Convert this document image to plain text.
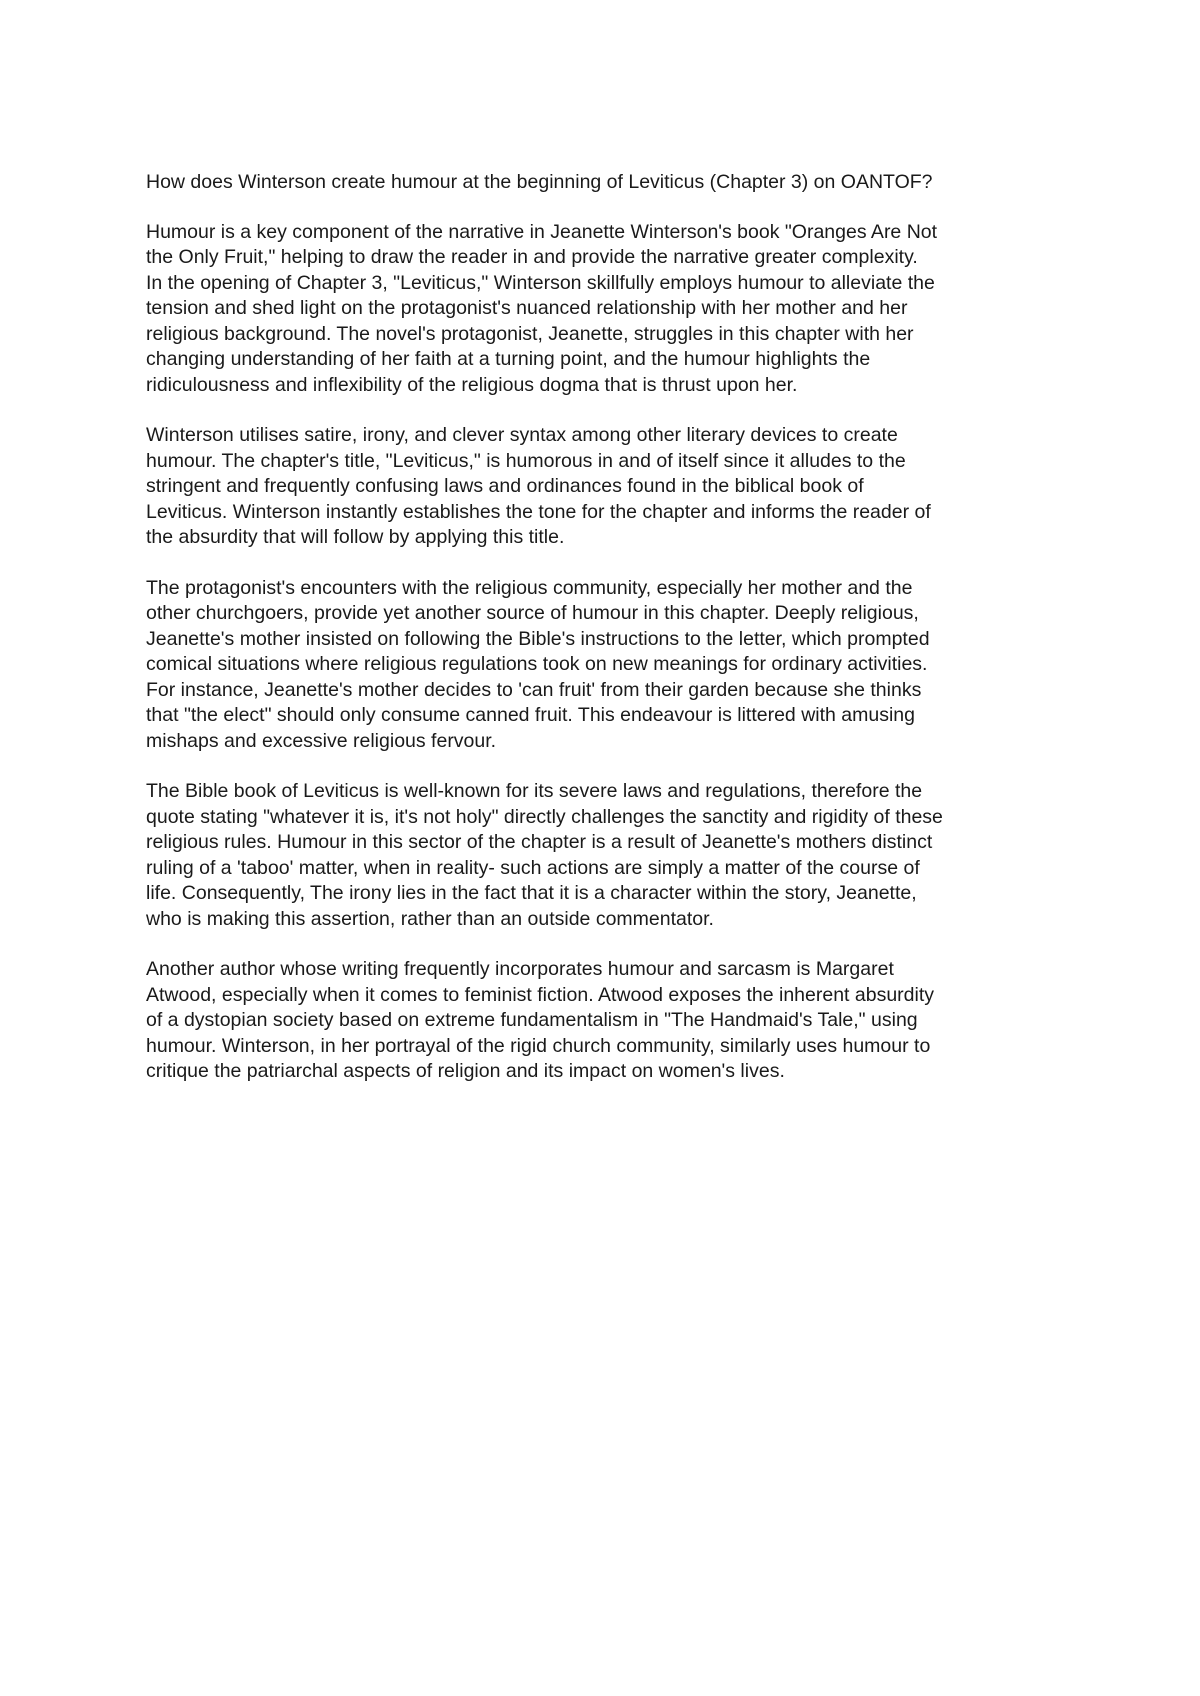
How does Winterson create humour at the beginning of Leviticus (Chapter 3) on OANTOF?

Humour is a key component of the narrative in Jeanette Winterson's book "Oranges Are Not
the Only Fruit," helping to draw the reader in and provide the narrative greater complexity.
In the opening of Chapter 3, "Leviticus," Winterson skillfully employs humour to alleviate the
tension and shed light on the protagonist's nuanced relationship with her mother and her
religious background. The novel's protagonist, Jeanette, struggles in this chapter with her
changing understanding of her faith at a turning point, and the humour highlights the
ridiculousness and inflexibility of the religious dogma that is thrust upon her.

Winterson utilises satire, irony, and clever syntax among other literary devices to create
humour. The chapter's title, "Leviticus," is humorous in and of itself since it alludes to the
stringent and frequently confusing laws and ordinances found in the biblical book of
Leviticus. Winterson instantly establishes the tone for the chapter and informs the reader of
the absurdity that will follow by applying this title.

The protagonist's encounters with the religious community, especially her mother and the
other churchgoers, provide yet another source of humour in this chapter. Deeply religious,
Jeanette's mother insisted on following the Bible's instructions to the letter, which prompted
comical situations where religious regulations took on new meanings for ordinary activities.
For instance, Jeanette's mother decides to 'can fruit' from their garden because she thinks
that "the elect" should only consume canned fruit. This endeavour is littered with amusing
mishaps and excessive religious fervour.

The Bible book of Leviticus is well-known for its severe laws and regulations, therefore the
quote stating "whatever it is, it's not holy" directly challenges the sanctity and rigidity of these
religious rules. Humour in this sector of the chapter is a result of Jeanette's mothers distinct
ruling of a 'taboo' matter, when in reality- such actions are simply a matter of the course of
life. Consequently, The irony lies in the fact that it is a character within the story, Jeanette,
who is making this assertion, rather than an outside commentator.

Another author whose writing frequently incorporates humour and sarcasm is Margaret
Atwood, especially when it comes to feminist fiction. Atwood exposes the inherent absurdity
of a dystopian society based on extreme fundamentalism in "The Handmaid's Tale," using
humour. Winterson, in her portrayal of the rigid church community, similarly uses humour to
critique the patriarchal aspects of religion and its impact on women's lives.
